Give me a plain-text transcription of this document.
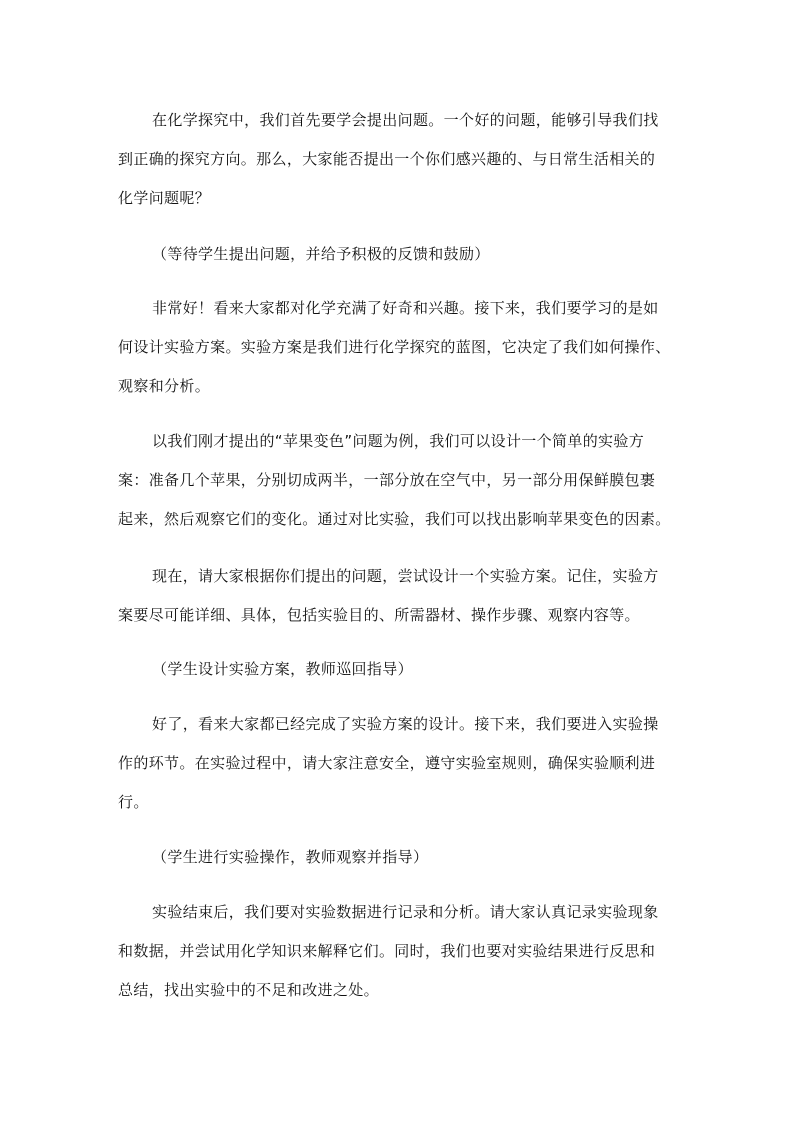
在化学探究中，我们首先要学会提出问题。一个好的问题，能够引导我们找
到正确的探究方向。那么，大家能否提出一个你们感兴趣的、与日常生活相关的
化学问题呢？
（等待学生提出问题，并给予积极的反馈和鼓励）
非常好！看来大家都对化学充满了好奇和兴趣。接下来，我们要学习的是如
何设计实验方案。实验方案是我们进行化学探究的蓝图，它决定了我们如何操作、
观察和分析。
以我们刚才提出的“苹果变色”问题为例，我们可以设计一个简单的实验方
案：准备几个苹果，分别切成两半，一部分放在空气中，另一部分用保鲜膜包裹
起来，然后观察它们的变化。通过对比实验，我们可以找出影响苹果变色的因素。
现在，请大家根据你们提出的问题，尝试设计一个实验方案。记住，实验方
案要尽可能详细、具体，包括实验目的、所需器材、操作步骤、观察内容等。
（学生设计实验方案，教师巡回指导）
好了，看来大家都已经完成了实验方案的设计。接下来，我们要进入实验操
作的环节。在实验过程中，请大家注意安全，遵守实验室规则，确保实验顺利进
行。
（学生进行实验操作，教师观察并指导）
实验结束后，我们要对实验数据进行记录和分析。请大家认真记录实验现象
和数据，并尝试用化学知识来解释它们。同时，我们也要对实验结果进行反思和
总结，找出实验中的不足和改进之处。
